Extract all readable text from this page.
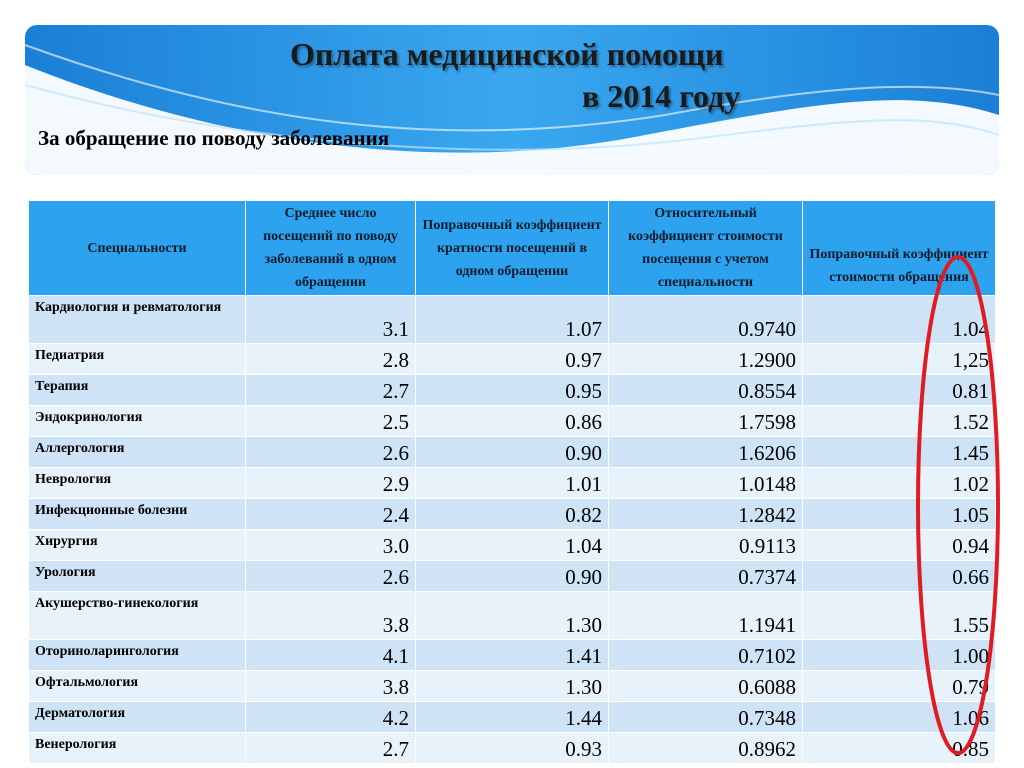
Оплата медицинской помощи
в 2014 году
За обращение по поводу заболевания
Специальности	Среднее число посещений по поводу заболеваний в одном обращении	Поправочный коэффициент кратности посещений в одном обращении	Относительный коэффициент стоимости посещения с учетом специальности	Поправочный коэффициент стоимости обращения
Кардиология и ревматология	3.1	1.07	0.9740	1.04
Педиатрия	2.8	0.97	1.2900	1,25
Терапия	2.7	0.95	0.8554	0.81
Эндокринология	2.5	0.86	1.7598	1.52
Аллергология	2.6	0.90	1.6206	1.45
Неврология	2.9	1.01	1.0148	1.02
Инфекционные болезни	2.4	0.82	1.2842	1.05
Хирургия	3.0	1.04	0.9113	0.94
Урология	2.6	0.90	0.7374	0.66
Акушерство-гинекология	3.8	1.30	1.1941	1.55
Оториноларингология	4.1	1.41	0.7102	1.00
Офтальмология	3.8	1.30	0.6088	0.79
Дерматология	4.2	1.44	0.7348	1.06
Венерология	2.7	0.93	0.8962	0.85
